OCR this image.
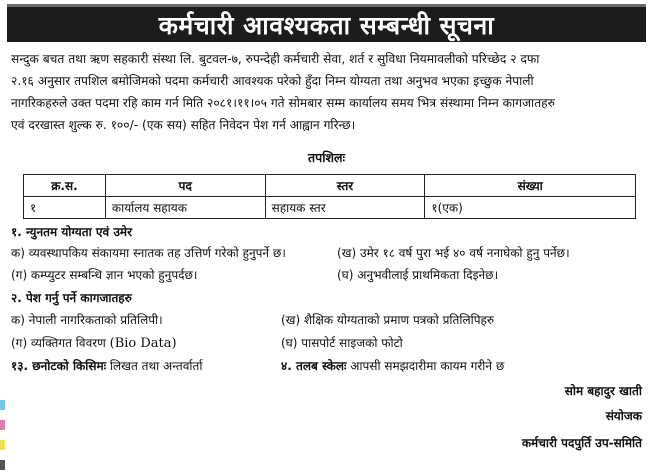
कर्मचारी आवश्यकता सम्बन्धी सूचना
सन्दुक बचत तथा ऋण सहकारी संस्था लि. बुटवल-७, रुपन्देही कर्मचारी सेवा, शर्त र सुविधा नियमावलीको परिच्छेद २ दफा
२.१६ अनुसार तपशिल बमोजिमको पदमा कर्मचारी आवश्यक परेको हुँदा निम्न योग्यता तथा अनुभव भएका इच्छुक नेपाली
नागरिकहरुले उक्त पदमा रहि काम गर्न मिति २०८१।११।०५ गते सोमबार सम्म कार्यालय समय भित्र संस्थामा निम्न कागजातहरु
एवं दरखास्त शुल्क रु. १००/- (एक सय) सहित निवेदन पेश गर्न आह्वान गरिन्छ।
तपशिलः
क्र.स.	पद	स्तर	संख्या
१	कार्यालय सहायक	सहायक स्तर	१(एक)
१. न्युनतम योग्यता एवं उमेर
क) व्यवस्थापकिय संकायमा स्नातक तह उत्तिर्ण गरेको हुनुपर्ने छ।	(ख) उमेर १८ वर्ष पुरा भई ४० वर्ष ननाघेको हुनु पर्नेछ।
(ग) कम्प्युटर सम्बन्धि ज्ञान भएको हुनुपर्दछ।	(घ) अनुभवीलाई प्राथमिकता दिइनेछ।
२. पेश गर्नु पर्ने कागजातहरु
क) नेपाली नागरिकताको प्रतिलिपी।	(ख) शैक्षिक योग्यताको प्रमाण पत्रको प्रतिलिपिहरु
(ग) व्यक्तिगत विवरण (Bio Data)	(घ) पासपोर्ट साइजको फोटो
१३. छनोटको किसिमः लिखत तथा अन्तर्वार्ता	४. तलब स्केलः आपसी समझदारीमा कायम गरीने छ
सोम बहादुर खाती
संयोजक
कर्मचारी पदपुर्ति उप-समिति
